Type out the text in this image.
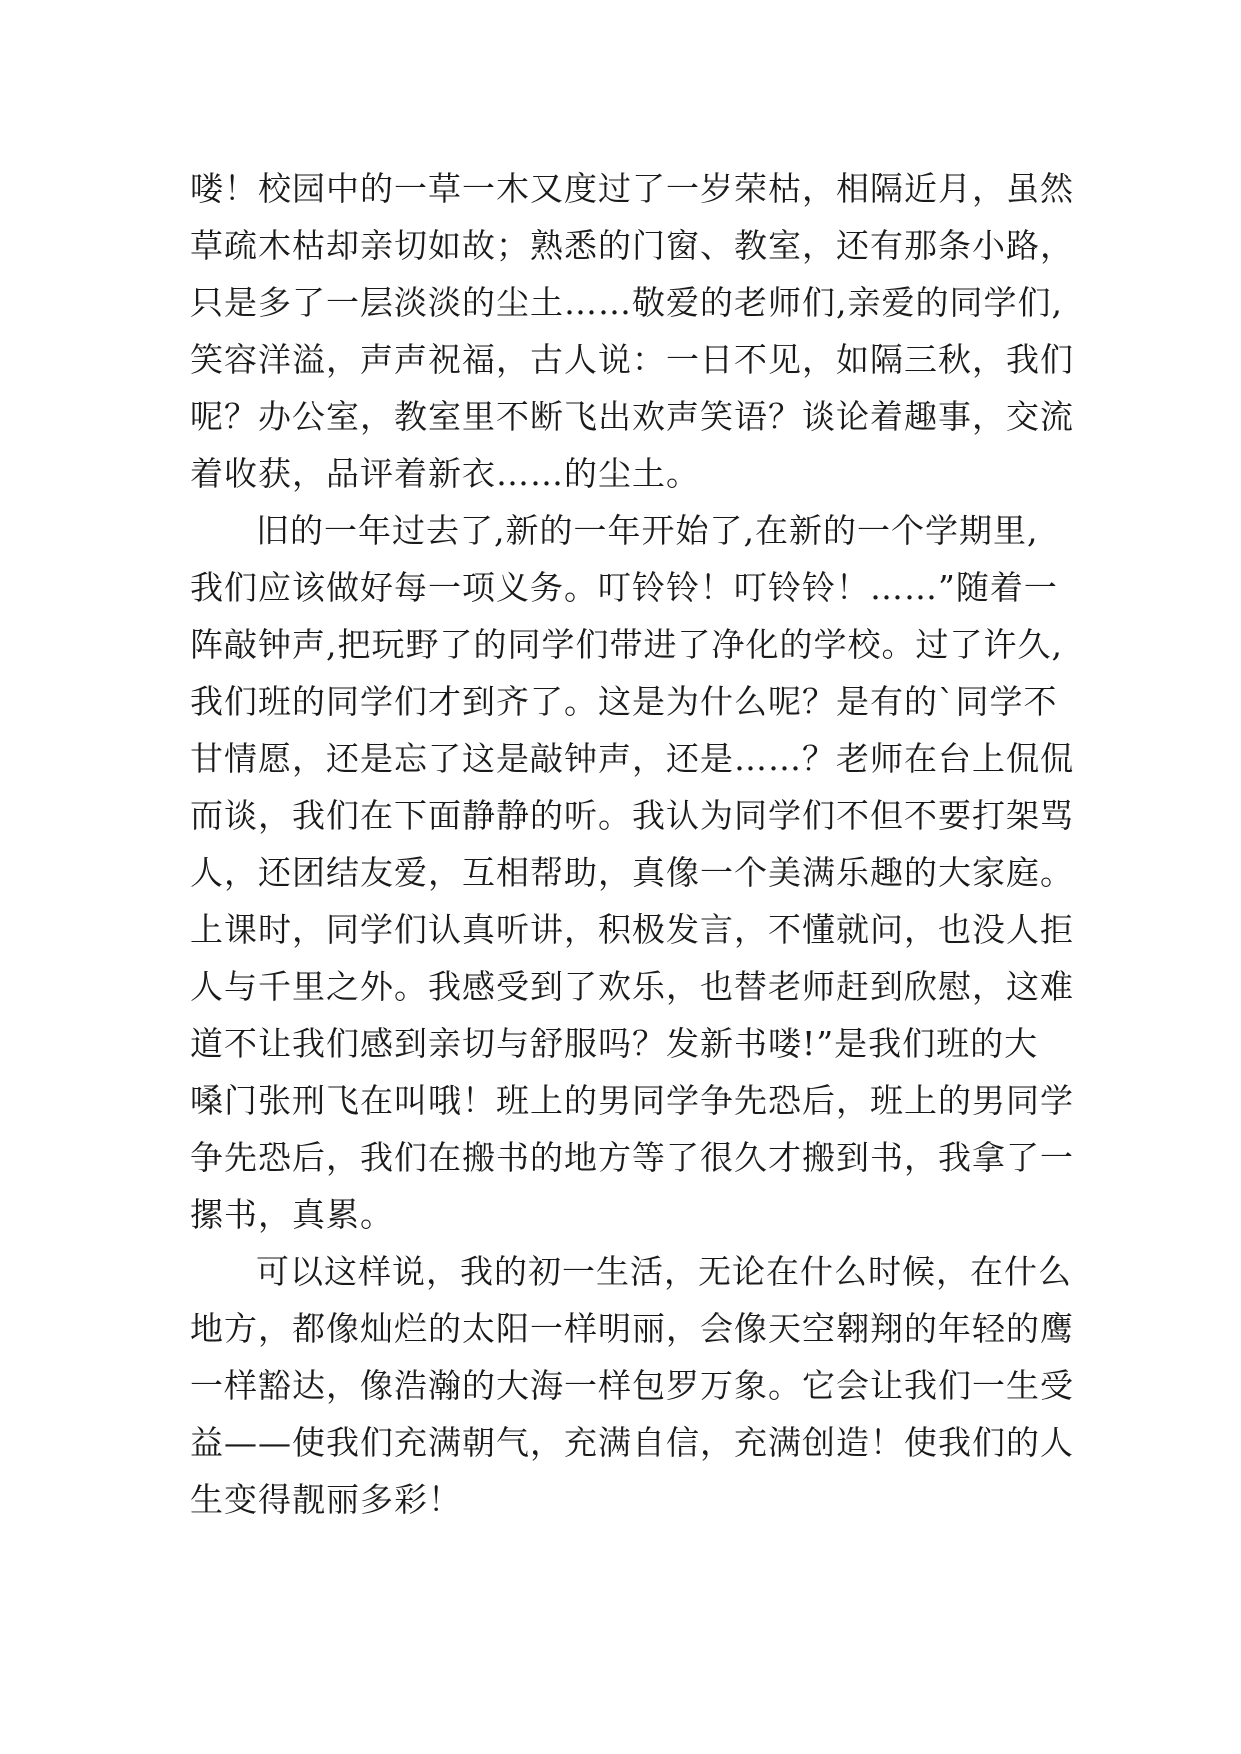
喽！校园中的一草一木又度过了一岁荣枯，相隔近月，虽然
草疏木枯却亲切如故；熟悉的门窗、教室，还有那条小路，
只是多了一层淡淡的尘土……敬爱的老师们,亲爱的同学们,
笑容洋溢，声声祝福，古人说：一日不见，如隔三秋，我们
呢？办公室，教室里不断飞出欢声笑语？谈论着趣事，交流
着收获，品评着新衣……的尘土。
旧的一年过去了,新的一年开始了,在新的一个学期里,
我们应该做好每一项义务。叮铃铃！叮铃铃！……”随着一
阵敲钟声,把玩野了的同学们带进了净化的学校。过了许久,
我们班的同学们才到齐了。这是为什么呢？是有的`同学不
甘情愿，还是忘了这是敲钟声，还是……？老师在台上侃侃
而谈，我们在下面静静的听。我认为同学们不但不要打架骂
人，还团结友爱，互相帮助，真像一个美满乐趣的大家庭。
上课时，同学们认真听讲，积极发言，不懂就问，也没人拒
人与千里之外。我感受到了欢乐，也替老师赶到欣慰，这难
道不让我们感到亲切与舒服吗？发新书喽!”是我们班的大
嗓门张刑飞在叫哦！班上的男同学争先恐后，班上的男同学
争先恐后，我们在搬书的地方等了很久才搬到书，我拿了一
摞书，真累。
可以这样说，我的初一生活，无论在什么时候，在什么
地方，都像灿烂的太阳一样明丽，会像天空翱翔的年轻的鹰
一样豁达，像浩瀚的大海一样包罗万象。它会让我们一生受
益——使我们充满朝气，充满自信，充满创造！使我们的人
生变得靓丽多彩！
